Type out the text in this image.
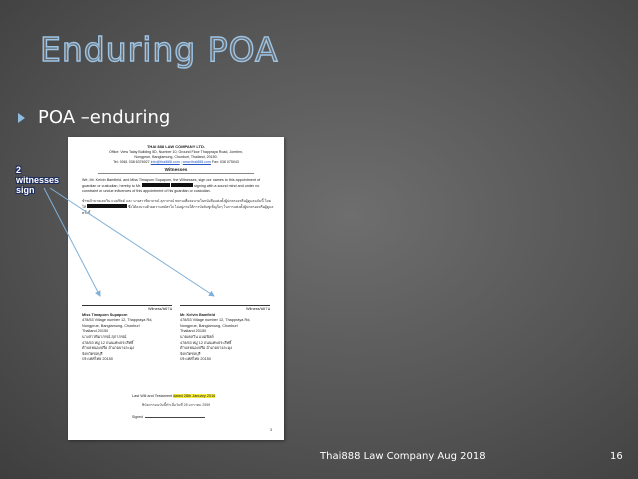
Enduring POA
POA –enduring
2 witnesses sign
THAI 888 LAW COMPANY LTD.
Office: View Talay Building 5D, Number 10, Ground Floor Thappraya Road, Jomtien,
Nongprue, Banglamung, Chonburi, Thailand, 20150.
Tel: 0061 038 6376927 info@thai888.com ; www.thai888.com Fax: 038 075043
Witnesses
We, Mr. Kelvin Bamfield, and Miss Timaporn Supaporn, the Witnesses, sign our names to this appointment of guardian or custodian, hereby to Mr.	signing with a sound mind and under no constraint or undue influences of this appointment of his guardian or custodian.
ข้าพเจ้านายเคลวิน แบมฟิลด์ และ นางสาวทิมาภรณ์ สุภาภรณ์ พยานเพื่อลงนามในหนังสือแต่งตั้งผู้ปกครองหรือผู้ดูแลฉบับนี้ โดยให้	ซึ่งได้ลงนามด้วยความสมัครใจ ไม่อยู่ภายใต้การบังคับขู่เข็ญใดๆ ในการแต่งตั้งผู้ปกครองหรือผู้ดูแลครั้งนี้
Witness/พยาน
Miss Timaporn Supaporn
478/53 Village number 12, Thappraya Rd,
Nongprue, Banglamung, Chonburi
Thailand 20150
นางสาวทิมาภรณ์ สุภาภรณ์
478/53 หมู่ 12 ถนนเทพประสิทธิ์
ตำบลหนองปรือ อำเภอบางละมุง
จังหวัดชลบุรี
ประเทศไทย 20150
Witness/พยาน
Mr. Kelvin Bamfield
478/53 Village number 12, Thappraya Rd,
Nongprue, Banglamung, Chonburi
Thailand 20150
นายเคลวิน แบมฟิลด์
478/53 หมู่ 12 ถนนเทพประสิทธิ์
ตำบลหนองปรือ อำเภอบางละมุง
จังหวัดชลบุรี
ประเทศไทย 20150
Last Will and Testament dated 28th January 2016
พินัยกรรมฉบับนี้ทำเมื่อวันที่ 28 มกราคม 2559
Signed
3
Thai888 Law Company Aug 2018	16
